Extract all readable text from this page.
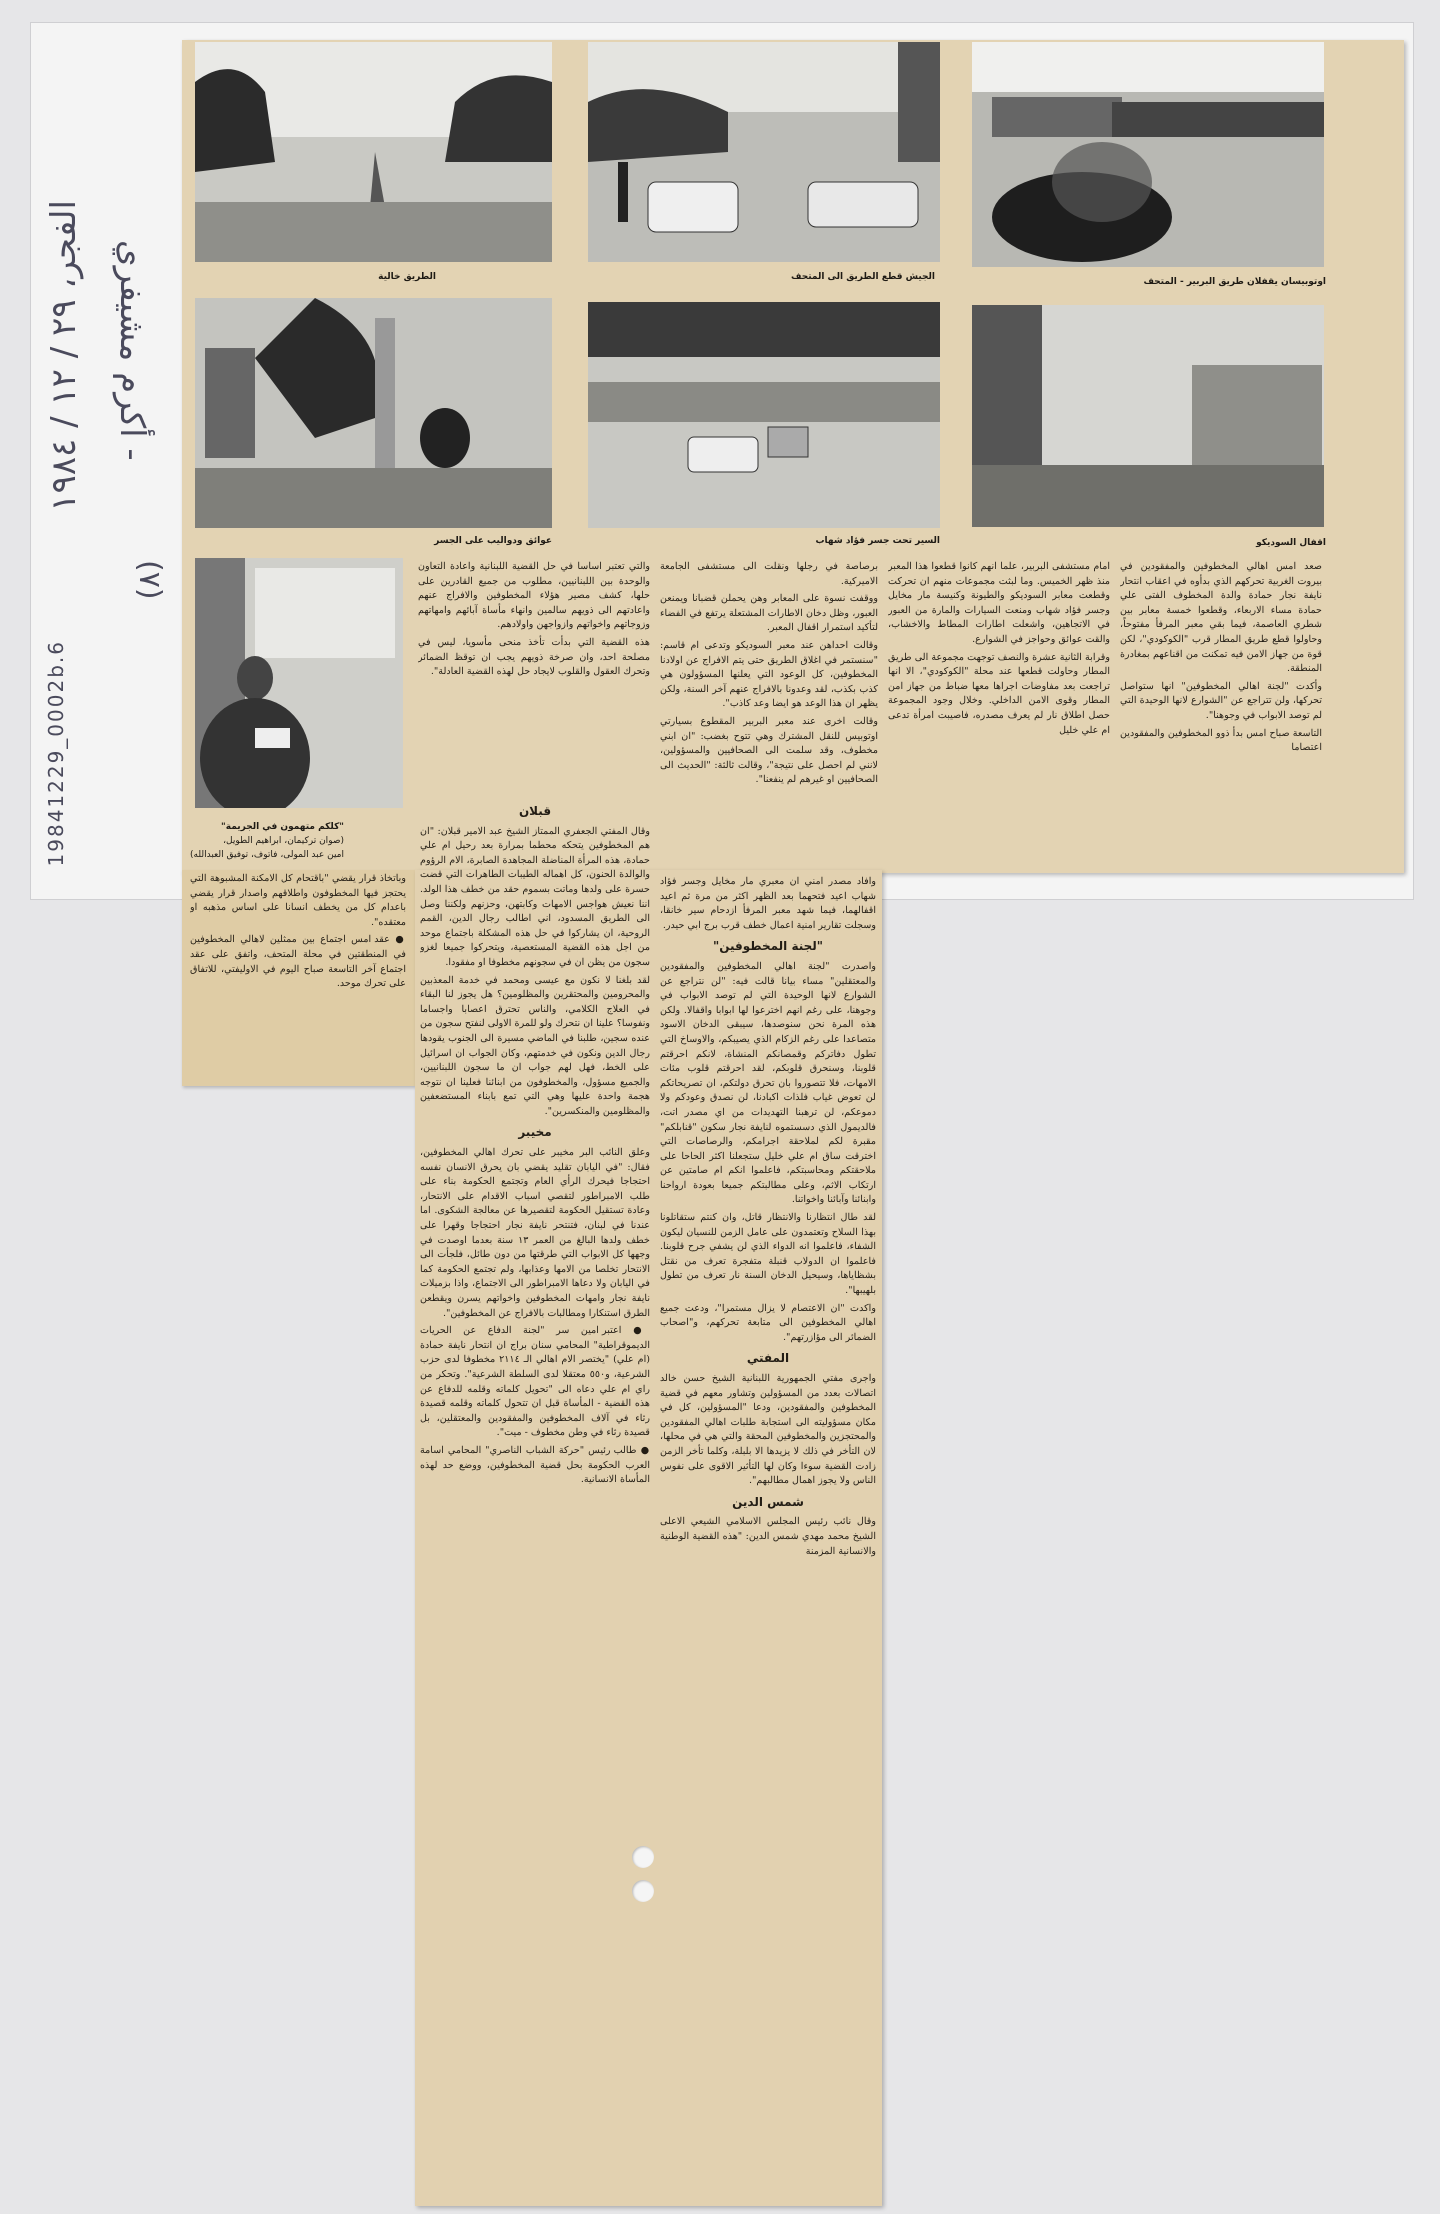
الفجر، ٢٩ / ١٢ / ١٩٨٤ أكرم مشيفري -
(٧)
19841229_0002b.6
الطريق خالية	الجيش قطع الطريق الى المتحف	اوتوبيسان يقفلان طريق البربير - المتحف
عوائق ودواليب على الجسر	السير تحت جسر فؤاد شهاب	اقفال السوديكو
"كلكم متهمون في الجريمة"
(صوان تركيمان، ابراهيم الطويل،
امين عبد المولى، فاتوف، توفيق العبدالله)

صعد امس اهالي المخطوفين والمفقودين في بيروت الغربية تحركهم الذي بدأوه في اعقاب انتحار نايفة نجار حمادة والدة المخطوف الفتى علي حمادة مساء الاربعاء، وقطعوا خمسة معابر بين شطري العاصمة، فيما بقي معبر المرفأ مفتوحاً، وحاولوا قطع طريق المطار قرب "الكوكودي"، لكن قوة من جهاز الامن فيه تمكنت من اقناعهم بمغادرة المنطقة.

وأكدت "لجنة اهالي المخطوفين" انها ستواصل تحركها، ولن تتراجع عن "الشوارع لانها الوحيدة التي لم توصد الابواب في وجوهنا".

التاسعة صباح امس بدأ ذوو المخطوفين والمفقودين اعتصاما

امام مستشفى البربير، علما انهم كانوا قطعوا هذا المعبر منذ ظهر الخميس. وما لبثت مجموعات منهم ان تحركت وقطعت معابر السوديكو والطيونة وكنيسة مار مخايل وجسر فؤاد شهاب ومنعت السيارات والمارة من العبور في الاتجاهين، واشعلت اطارات المطاط والاخشاب، والقت عوائق وحواجز في الشوارع.

وقرابة الثانية عشرة والنصف توجهت مجموعة الى طريق المطار وحاولت قطعها عند محلة "الكوكودي"، الا انها تراجعت بعد مفاوضات اجراها معها ضباط من جهاز امن المطار وقوى الامن الداخلي. وخلال وجود المجموعة حصل اطلاق نار لم يعرف مصدره، فاصيبت امرأة تدعى ام علي خليل

برصاصة في رجلها ونقلت الى مستشفى الجامعة الاميركية.

ووقفت نسوة على المعابر وهن يحملن قضبانا ويمنعن العبور، وظل دخان الاطارات المشتعلة يرتفع في الفضاء لتأكيد استمرار اقفال المعبر.

وقالت احداهن عند معبر السوديكو وتدعى ام قاسم: "سنستمر في اغلاق الطريق حتى يتم الافراج عن اولادنا المخطوفين، كل الوعود التي يعلنها المسؤولون هي كذب بكذب، لقد وعدونا بالافراج عنهم آخر السنة، ولكن يظهر ان هذا الوعد هو ايضا وعد كاذب".

وقالت اخرى عند معبر البربير المقطوع بسيارتي اوتوبيس للنقل المشترك وهي تتوح بغضب: "ان ابني مخطوف، وقد سلمت الى الصحافيين والمسؤولين، لانني لم احصل على نتيجة"، وقالت ثالثة: "الحديث الى الصحافيين او غيرهم لم ينفعنا".

والتي تعتبر اساسا في حل القضية اللبنانية واعادة التعاون والوحدة بين اللبنانيين، مطلوب من جميع القادرين على حلها، كشف مصير هؤلاء المخطوفين والافراج عنهم واعادتهم الى ذويهم سالمين وانهاء مأساة آبائهم وامهاتهم وزوجاتهم واخواتهم وازواجهن واولادهم.

هذه القضية التي بدأت تأخذ منحى مأسويا، ليس في مصلحة احد، وان صرخة ذويهم يجب ان توقظ الضمائر وتحرك العقول والقلوب لايجاد حل لهذه القضية العادلة".

وافاد مصدر امني ان معبري مار مخايل وجسر فؤاد شهاب اعيد فتحهما بعد الظهر اكثر من مرة ثم اعيد اقفالهما، فيما شهد معبر المرفأ ازدحام سير خانقا، وسجلت تقارير امنية اعمال خطف قرب برج ابي حيدر.

"لجنة المخطوفين"

واصدرت "لجنة اهالي المخطوفين والمفقودين والمعتقلين" مساء بيانا قالت فيه: "لن نتراجع عن الشوارع لانها الوحيدة التي لم توصد الابواب في وجوهنا، على رغم انهم اخترعوا لها ابوابا واقفالا. ولكن هذه المرة نحن سنوصدها، سيبقى الدخان الاسود متصاعدا على رغم الزكام الذي يصيبكم، والاوساخ التي تطول دفاتركم وقمصانكم المنشاة، لانكم احرقتم قلوبنا، وسنحرق قلوبكم، لقد احرقتم قلوب مئات الامهات، فلا تتصوروا بان تحرق دولتكم، ان تصريحاتكم لن تعوض غياب فلذات اكبادنا، لن نصدق وعودكم ولا دموعكم، لن ترهبنا التهديدات من اي مصدر اتت، فالديمول الذي دسستموه لنايفة نجار سكون "قنابلكم" مقبرة لكم لملاحقة اجرامكم، والرصاصات التي اخترقت ساق ام علي خليل ستجعلنا اكثر الحاحا على ملاحقتكم ومحاسبتكم، فاعلموا انكم ام صامتين عن ارتكاب الاثم، وعلى مطالبتكم جميعا بعودة ارواحنا وابنائنا وآبائنا واخواتنا.

لقد طال انتظارنا والانتظار قاتل، وان كنتم ستقاتلونا بهذا السلاح وتعتمدون على عامل الزمن للنسيان ليكون الشفاء، فاعلموا انه الدواء الذي لن يشفي جرح قلوبنا. فاعلموا ان الدولاب قنبلة متفجرة تعرف من نقتل بشظاياها، وسيحيل الدخان السنة نار تعرف من تطول بلهيبها".

واكدت "ان الاعتصام لا يزال مستمرا"، ودعت جميع اهالي المخطوفين الى متابعة تحركهم، و"اصحاب الضمائر الى مؤازرتهم".

المفتي

واجرى مفتي الجمهورية اللبنانية الشيخ حسن خالد اتصالات بعدد من المسؤولين وتشاور معهم في قضية المخطوفين والمفقودين، ودعا "المسؤولين، كل في مكان مسؤوليته الى استجابة طلبات اهالي المفقودين والمحتجزين والمخطوفين المحقة والتي هي في محلها، لان التأخر في ذلك لا يزيدها الا بلبلة، وكلما تأخر الزمن زادت القضية سوءا وكان لها التأثير الاقوى على نفوس الناس ولا يجوز اهمال مطالبهم".

شمس الدين

وقال نائب رئيس المجلس الاسلامي الشيعي الاعلى الشيخ محمد مهدي شمس الدين: "هذه القضية الوطنية والانسانية المزمنة

قبلان

وقال المفتي الجعفري الممتاز الشيخ عبد الامير قبلان: "ان هم المخطوفين يتحكه محطما بمرارة بعد رحيل ام علي حمادة، هذه المرأة المناضلة المجاهدة الصابرة، الام الرؤوم والوالدة الحنون، كل اهماله الطيبات الطاهرات التي قضت حسرة على ولدها وماتت بسموم حقد من خطف هذا الولد. اننا نعيش هواجس الامهات وكابتهن، وحزنهم ولكننا وصل الى الطريق المسدود، اني اطالب رجال الدين، القمم الروحية، ان يشاركوا في حل هذه المشكلة باجتماع موحد من اجل هذه القضية المستعصية، ويتحركوا جميعا لغزو سجون من يظن ان في سجونهم مخطوفا او مفقودا.

لقد بلغنا لا نكون مع عيسى ومحمد في خدمة المعذبين والمحرومين والمحتقرين والمظلومين؟ هل يجوز لنا البقاء في العلاج الكلامي، والناس تحترق اعصابا واجساما ونفوسا؟ علينا ان نتحرك ولو للمرة الاولى لنفتح سجون من عنده سجين، طلبنا في الماضي مسيرة الى الجنوب يقودها رجال الدين ونكون في خدمتهم، وكان الجواب ان اسرائيل على الخط، فهل لهم جواب ان ما سجون اللبنانيين، والجميع مسؤول، والمخطوفون من ابنائنا فعلينا ان نتوجه هجمة واحدة عليها وهي التي تمع بابناء المستضعفين والمظلومين والمنكسرين".

مخيبر

وعلق النائب البر مخيبر على تحرك اهالي المخطوفين، فقال: "في اليابان تقليد يقضي بان يحرق الانسان نفسه احتجاجا فيحرك الرأي العام وتجتمع الحكومة بناء على طلب الامبراطور لتقصي اسباب الاقدام على الانتحار، وعادة تستقيل الحكومة لتقصيرها عن معالجة الشكوى. اما عندنا في لبنان، فتنتحر نايفة نجار احتجاجا وقهرا على خطف ولدها البالغ من العمر ١٣ سنة بعدما اوصدت في وجهها كل الابواب التي طرقتها من دون طائل، فلجأت الى الانتحار تخلصا من الامها وعذابها، ولم تجتمع الحكومة كما في اليابان ولا دعاها الامبراطور الى الاجتماع، واذا بزميلات نايفة نجار وامهات المخطوفين واخواتهم يسرن ويقطعن الطرق استنكارا ومطالبات بالافراج عن المخطوفين".

● اعتبر امين سر "لجنة الدفاع عن الحريات الديموقراطية" المحامي سنان براج ان انتحار نايفة حمادة (ام علي) "يختصر الام اهالي الـ ٢١١٤ مخطوفا لدى حزب الشرعية، و٥٥٠ معتقلا لدى السلطة الشرعية". وتحكر من راي ام علي دعاه الى "تحويل كلماته وقلمه للدفاع عن هذه القضية - المأساة قبل ان تتحول كلماته وقلمه قصيدة رثاء في آلاف المخطوفين والمفقودين والمعتقلين، بل قصيدة رثاء في وطن مخطوف - ميت".

● طالب رئيس "حركة الشباب الناصري" المحامي اسامة العرب الحكومة بحل قضية المخطوفين، ووضع حد لهذه المأساة الانسانية.

وباتخاذ قرار يقضي "باقتحام كل الامكنة المشبوهة التي يحتجز فيها المخطوفون واطلاقهم واصدار قرار يقضي باعدام كل من يخطف انسانا على اساس مذهبه او معتقده".

● عقد امس اجتماع بين ممثلين لاهالي المخطوفين في المنطقتين في محلة المتحف، واتفق على عقد اجتماع آخر التاسعة صباح اليوم في الاوليفتي، للاتفاق على تحرك موحد.
